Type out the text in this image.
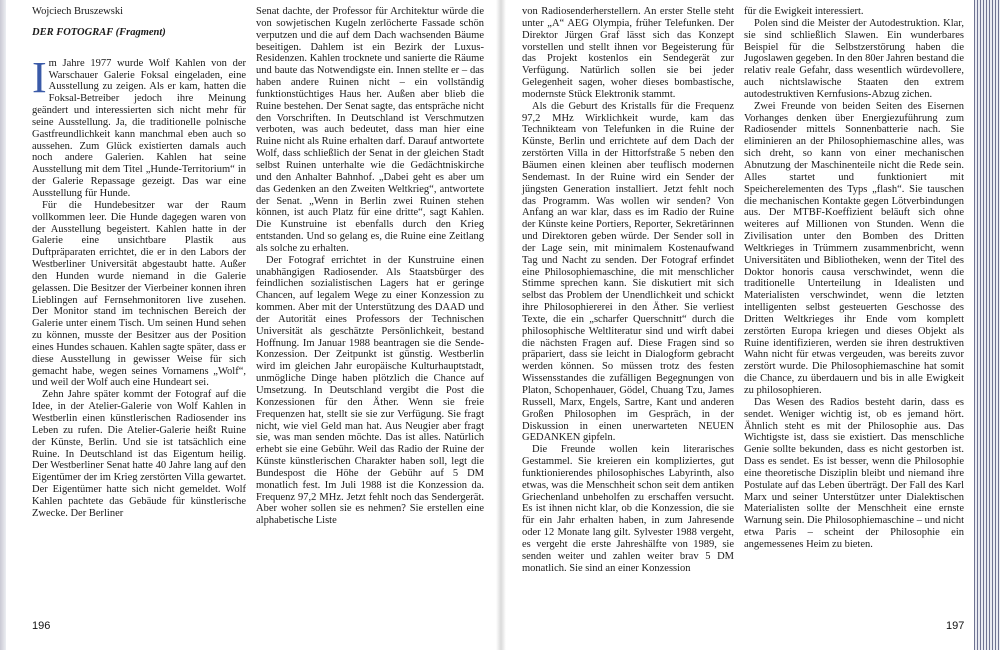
Wojciech Bruszewski
DER FOTOGRAF (Fragment)

Im Jahre 1977 wurde Wolf Kahlen von der Warschauer Galerie Foksal eingeladen, eine Ausstellung zu zeigen. Als er kam, hatten die Foksal-Betreiber jedoch ihre Meinung geändert und interessierten sich nicht mehr für seine Ausstellung. Ja, die traditionelle polnische Gastfreundlichkeit kann manchmal eben auch so aussehen. Zum Glück existierten damals auch noch andere Galerien. Kahlen hat seine Ausstellung mit dem Titel „Hunde-Territorium“ in der Galerie Repassage gezeigt. Das war eine Ausstellung für Hunde.

Für die Hundebesitzer war der Raum vollkommen leer. Die Hunde dagegen waren von der Ausstellung begeistert. Kahlen hatte in der Galerie eine unsichtbare Plastik aus Duftpräparaten errichtet, die er in den Labors der Westberliner Universität abgestaubt hatte. Außer den Hunden wurde niemand in die Galerie gelassen. Die Besitzer der Vierbeiner konnen ihren Lieblingen auf Fernsehmonitoren live zusehen. Der Monitor stand im technischen Bereich der Galerie unter einem Tisch. Um seinen Hund sehen zu können, musste der Besitzer aus der Position eines Hundes schauen. Kahlen sagte später, dass er diese Ausstellung in gewisser Weise für sich gemacht habe, wegen seines Vornamens „Wolf“, und weil der Wolf auch eine Hundeart sei.

Zehn Jahre später kommt der Fotograf auf die Idee, in der Atelier-Galerie von Wolf Kahlen in Westberlin einen künstlerischen Radiosender ins Leben zu rufen. Die Atelier-Galerie heißt Ruine der Künste, Berlin. Und sie ist tatsächlich eine Ruine. In Deutschland ist das Eigentum heilig. Der Westberliner Senat hatte 40 Jahre lang auf den Eigentümer der im Krieg zerstörten Villa gewartet. Der Eigentümer hatte sich nicht gemeldet. Wolf Kahlen pachtete das Gebäude für künstlerische Zwecke. Der Berliner

Senat dachte, der Professor für Architektur würde die von sowjetischen Kugeln zerlöcherte Fassade schön verputzen und die auf dem Dach wachsenden Bäume beseitigen. Dahlem ist ein Bezirk der Luxus-Residenzen. Kahlen trocknete und sanierte die Räume und baute das Notwendigste ein. Innen stellte er – das haben andere Ruinen nicht – ein vollständig funktionstüchtiges Haus her. Außen aber blieb die Ruine bestehen. Der Senat sagte, das entspräche nicht den Vorschriften. In Deutschland ist Verschmutzen verboten, was auch bedeutet, dass man hier eine Ruine nicht als Ruine erhalten darf. Darauf antwortete Wolf, dass schließlich der Senat in der gleichen Stadt selbst Ruinen unterhalte wie die Gedächtniskirche und den Anhalter Bahnhof. „Dabei geht es aber um das Gedenken an den Zweiten Weltkrieg“, antwortete der Senat. „Wenn in Berlin zwei Ruinen stehen können, ist auch Platz für eine dritte“, sagt Kahlen. Die Kunstruine ist ebenfalls durch den Krieg entstanden. Und so gelang es, die Ruine eine Zeitlang als solche zu erhalten.

Der Fotograf errichtet in der Kunstruine einen unabhängigen Radiosender. Als Staatsbürger des feindlichen sozialistischen Lagers hat er geringe Chancen, auf legalem Wege zu einer Konzession zu kommen. Aber mit der Unterstützung des DAAD und der Autorität eines Professors der Technischen Universität als geschätzte Persönlichkeit, bestand Hoffnung. Im Januar 1988 beantragen sie die Sende-Konzession. Der Zeitpunkt ist günstig. Westberlin wird im gleichen Jahr europäische Kulturhauptstadt, unmögliche Dinge haben plötzlich die Chance auf Umsetzung. In Deutschland vergibt die Post die Konzessionen für den Äther. Wenn sie freie Frequenzen hat, stellt sie sie zur Verfügung. Sie fragt nicht, wie viel Geld man hat. Aus Neugier aber fragt sie, was man senden möchte. Das ist alles. Natürlich erhebt sie eine Gebühr. Weil das Radio der Ruine der Künste künstlerischen Charakter haben soll, legt die Bundespost die Höhe der Gebühr auf 5 DM monatlich fest. Im Juli 1988 ist die Konzession da. Frequenz 97,2 MHz. Jetzt fehlt noch das Sendergerät. Aber woher sollen sie es nehmen? Sie erstellen eine alphabetische Liste

196

von Radiosenderherstellern. An erster Stelle steht unter „A“ AEG Olympia, früher Telefunken. Der Direktor Jürgen Graf lässt sich das Konzept vorstellen und stellt ihnen vor Begeisterung für das Projekt kostenlos ein Sendegerät zur Verfügung. Natürlich sollen sie bei jeder Gelegenheit sagen, woher dieses bombastische, modernste Stück Elektronik stammt.

Als die Geburt des Kristalls für die Frequenz 97,2 MHz Wirklichkeit wurde, kam das Technikteam von Telefunken in die Ruine der Künste, Berlin und errichtete auf dem Dach der zerstörten Villa in der Hittorfstraße 5 neben den Bäumen einen kleinen aber teuflisch modernen Sendemast. In der Ruine wird ein Sender der jüngsten Generation installiert. Jetzt fehlt noch das Programm. Was wollen wir senden? Von Anfang an war klar, dass es im Radio der Ruine der Künste keine Portiers, Reporter, Sekretärinnen und Direktoren geben würde. Der Sender soll in der Lage sein, mit minimalem Kostenaufwand Tag und Nacht zu senden. Der Fotograf erfindet eine Philosophiemaschine, die mit menschlicher Stimme sprechen kann. Sie diskutiert mit sich selbst das Problem der Unendlichkeit und schickt ihre Philosophiererei in den Äther. Sie verliest Texte, die ein „scharfer Querschnitt“ durch die philosophische Weltliteratur sind und wirft dabei die nächsten Fragen auf. Diese Fragen sind so präpariert, dass sie leicht in Dialogform gebracht werden können. So müssen trotz des festen Wissensstandes die zufälligen Begegnungen von Platon, Schopenhauer, Gödel, Chuang Tzu, James Russell, Marx, Engels, Sartre, Kant und anderen Großen Philosophen im Gespräch, in der Diskussion in einen unerwarteten NEUEN GEDANKEN gipfeln.

Die Freunde wollen kein literarisches Gestammel. Sie kreieren ein kompliziertes, gut funktionierendes philosophisches Labyrinth, also etwas, was die Menschheit schon seit dem antiken Griechenland unbeholfen zu erschaffen versucht. Es ist ihnen nicht klar, ob die Konzession, die sie für ein Jahr erhalten haben, in zum Jahresende oder 12 Monate lang gilt. Sylvester 1988 vergeht, es vergeht die erste Jahreshälfte von 1989, sie senden weiter und zahlen weiter brav 5 DM monatlich. Sie sind an einer Konzession

für die Ewigkeit interessiert.

Polen sind die Meister der Autodestruktion. Klar, sie sind schließlich Slawen. Ein wunderbares Beispiel für die Selbstzerstörung haben die Jugoslawen gegeben. In den 80er Jahren bestand die relativ reale Gefahr, dass wesentlich würdevollere, auch nichtslawische Staaten den extrem autodestruktiven Kernfusions-Abzug zichen.

Zwei Freunde von beiden Seiten des Eisernen Vorhanges denken über Energiezuführung zum Radiosender mittels Sonnenbatterie nach. Sie eliminieren an der Philosophiemaschine alles, was sich dreht, so kann von einer mechanischen Abnutzung der Maschinenteile nicht die Rede sein. Alles startet und funktioniert mit Speicherelementen des Typs „flash“. Sie tauschen die mechanischen Kontakte gegen Lötverbindungen aus. Der MTBF-Koeffizient beläuft sich ohne weiteres auf Millionen von Stunden. Wenn die Zivilisation unter den Bomben des Dritten Weltkrieges in Trümmern zusammenbricht, wenn Universitäten und Bibliotheken, wenn der Titel des Doktor honoris causa verschwindet, wenn die traditionelle Unterteilung in Idealisten und Materialisten verschwindet, wenn die letzten intelligenten selbst gesteuerten Geschosse des Dritten Weltkrieges ihr Ende vom komplett zerstörten Europa kriegen und dieses Objekt als Ruine identifizieren, werden sie ihren destruktiven Wahn nicht für etwas vergeuden, was bereits zuvor zerstört wurde. Die Philosophiemaschine hat somit die Chance, zu überdauern und bis in alle Ewigkeit zu philosophieren.

Das Wesen des Radios besteht darin, dass es sendet. Weniger wichtig ist, ob es jemand hört. Ähnlich steht es mit der Philosophie aus. Das Wichtigste ist, dass sie existiert. Das menschliche Genie sollte bekunden, dass es nicht gestorben ist. Dass es sendet. Es ist besser, wenn die Philosophie eine theoretische Disziplin bleibt und niemand ihre Postulate auf das Leben überträgt. Der Fall des Karl Marx und seiner Unterstützer unter Dialektischen Materialisten sollte der Menschheit eine ernste Warnung sein. Die Philosophiemaschine – und nicht etwa Paris – scheint der Philosophie ein angemessenes Heim zu bieten.

197
